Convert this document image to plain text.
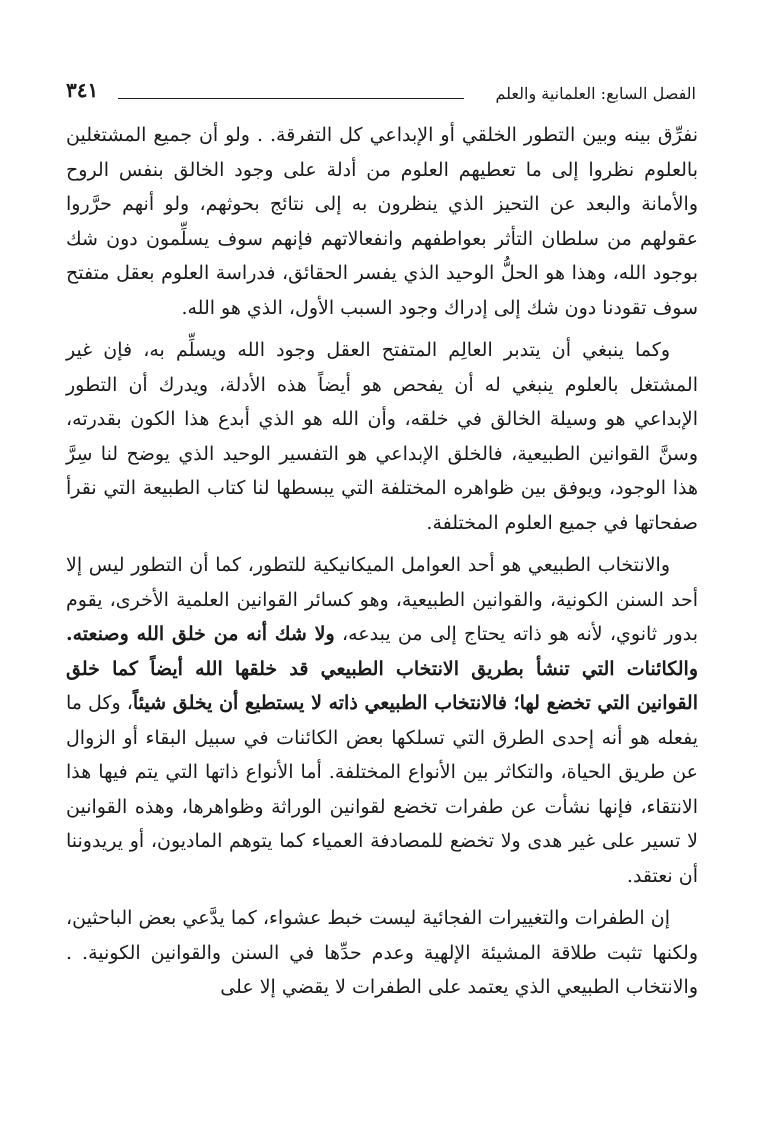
الفصل السابع: العلمانية والعلم
٣٤١

نفرِّق بينه وبين التطور الخلقي أو الإبداعي كل التفرقة. . ولو أن جميع المشتغلين بالعلوم نظروا إلى ما تعطيهم العلوم من أدلة على وجود الخالق بنفس الروح والأمانة والبعد عن التحيز الذي ينظرون به إلى نتائج بحوثهم، ولو أنهم حرَّروا عقولهم من سلطان التأثر بعواطفهم وانفعالاتهم فإنهم سوف يسلِّمون دون شك بوجود الله، وهذا هو الحلُّ الوحيد الذي يفسر الحقائق، فدراسة العلوم بعقل متفتح سوف تقودنا دون شك إلى إدراك وجود السبب الأول، الذي هو الله.

وكما ينبغي أن يتدبر العالِم المتفتح العقل وجود الله ويسلِّم به، فإن غير المشتغل بالعلوم ينبغي له أن يفحص هو أيضاً هذه الأدلة، ويدرك أن التطور الإبداعي هو وسيلة الخالق في خلقه، وأن الله هو الذي أبدع هذا الكون بقدرته، وسنَّ القوانين الطبيعية، فالخلق الإبداعي هو التفسير الوحيد الذي يوضح لنا سِرَّ هذا الوجود، ويوفق بين ظواهره المختلفة التي يبسطها لنا كتاب الطبيعة التي نقرأ صفحاتها في جميع العلوم المختلفة.

والانتخاب الطبيعي هو أحد العوامل الميكانيكية للتطور، كما أن التطور ليس إلا أحد السنن الكونية، والقوانين الطبيعية، وهو كسائر القوانين العلمية الأخرى، يقوم بدور ثانوي، لأنه هو ذاته يحتاج إلى من يبدعه، ولا شك أنه من خلق الله وصنعته. والكائنات التي تنشأ بطريق الانتخاب الطبيعي قد خلقها الله أيضاً كما خلق القوانين التي تخضع لها؛ فالانتخاب الطبيعي ذاته لا يستطيع أن يخلق شيئاً، وكل ما يفعله هو أنه إحدى الطرق التي تسلكها بعض الكائنات في سبيل البقاء أو الزوال عن طريق الحياة، والتكاثر بين الأنواع المختلفة. أما الأنواع ذاتها التي يتم فيها هذا الانتقاء، فإنها نشأت عن طفرات تخضع لقوانين الوراثة وظواهرها، وهذه القوانين لا تسير على غير هدى ولا تخضع للمصادفة العمياء كما يتوهم الماديون، أو يريدوننا أن نعتقد.

إن الطفرات والتغييرات الفجائية ليست خبط عشواء، كما يدَّعي بعض الباحثين، ولكنها تثبت طلاقة المشيئة الإلهية وعدم حدِّها في السنن والقوانين الكونية. . والانتخاب الطبيعي الذي يعتمد على الطفرات لا يقضي إلا على
